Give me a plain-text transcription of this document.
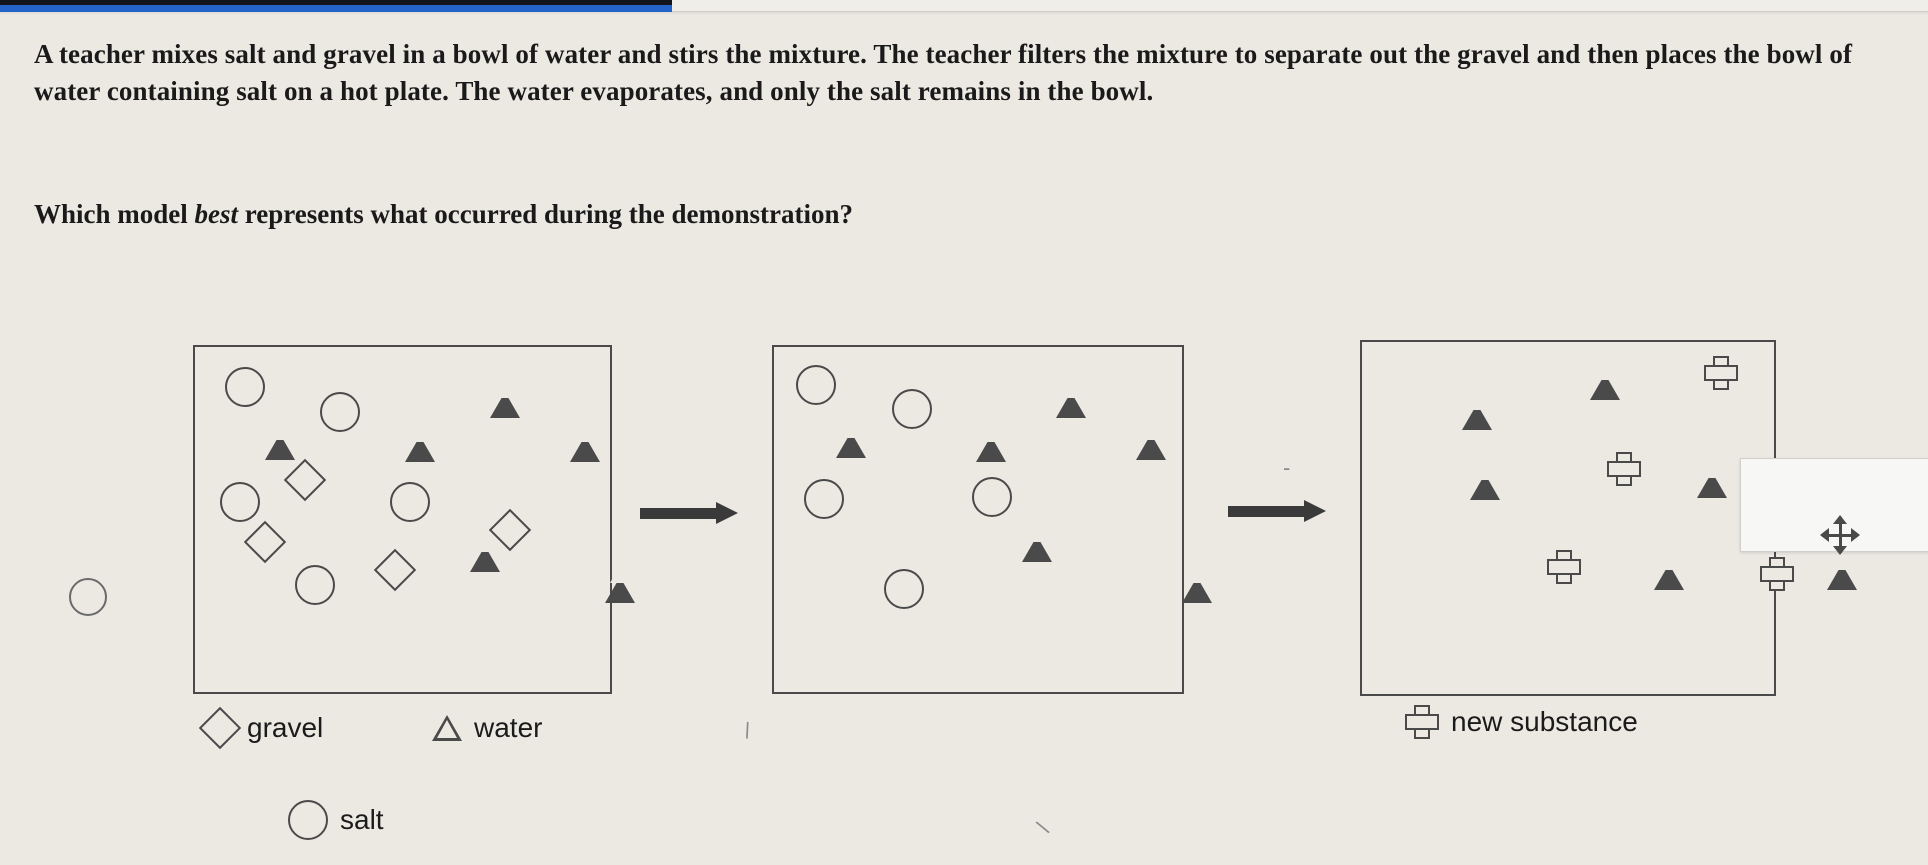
A teacher mixes salt and gravel in a bowl of water and stirs the mixture. The teacher filters the mixture to separate out the gravel and then places the bowl of water containing salt on a hot plate. The water evaporates, and only the salt remains in the bowl.
Which model best represents what occurred during the demonstration?
gravel	water
salt
new substance
\
\
-
